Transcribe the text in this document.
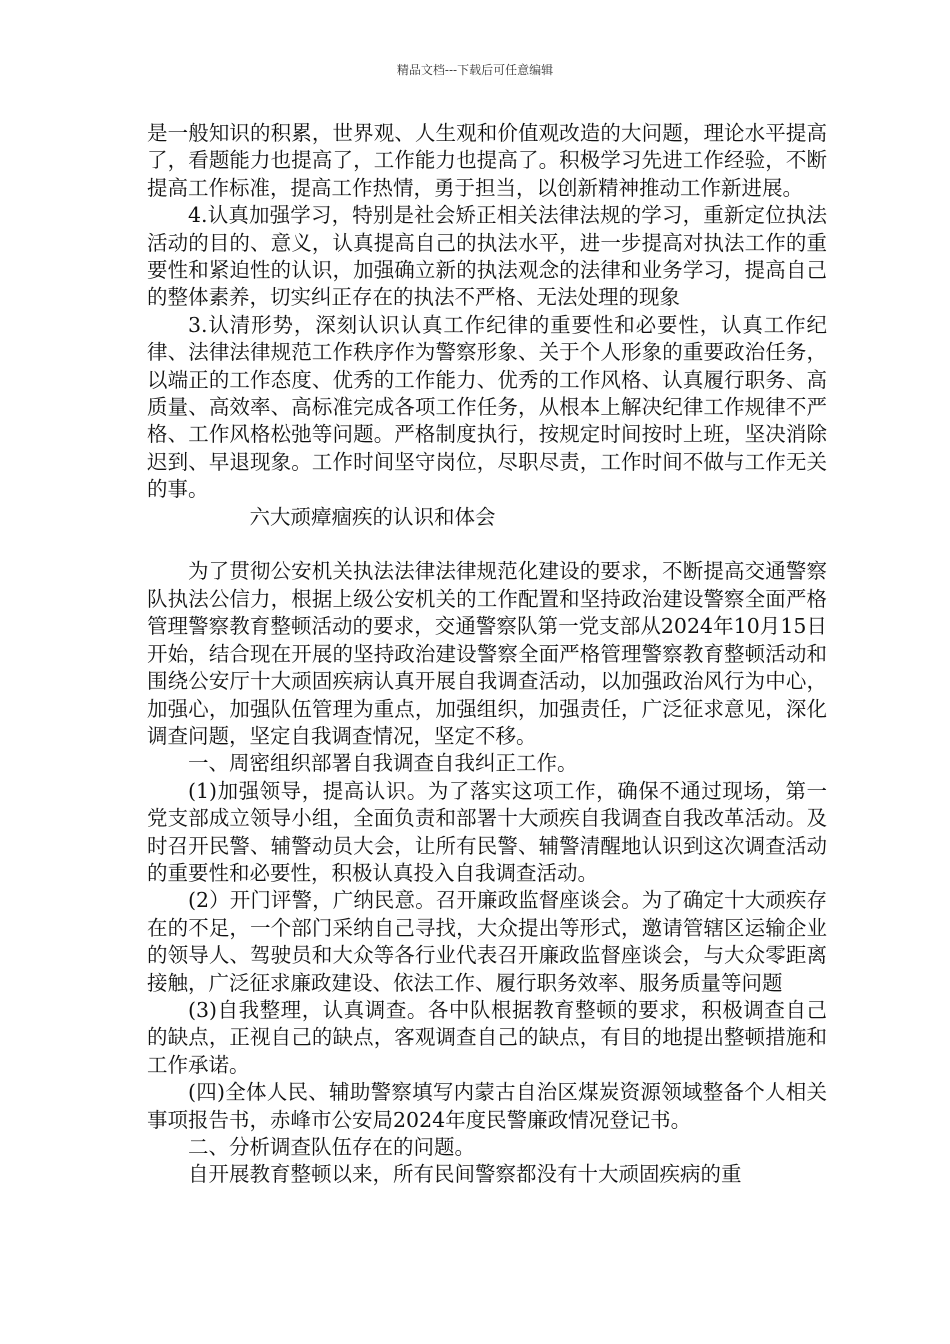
精品文档---下载后可任意编辑

是一般知识的积累，世界观、人生观和价值观改造的大问题，理论水平提高了，看题能力也提高了，工作能力也提高了。积极学习先进工作经验，不断提高工作标准，提高工作热情，勇于担当，以创新精神推动工作新进展。

4.认真加强学习，特别是社会矫正相关法律法规的学习，重新定位执法活动的目的、意义，认真提高自己的执法水平，进一步提高对执法工作的重要性和紧迫性的认识，加强确立新的执法观念的法律和业务学习，提高自己的整体素养，切实纠正存在的执法不严格、无法处理的现象

3.认清形势，深刻认识认真工作纪律的重要性和必要性，认真工作纪律、法律法律规范工作秩序作为警察形象、关于个人形象的重要政治任务，以端正的工作态度、优秀的工作能力、优秀的工作风格、认真履行职务、高质量、高效率、高标准完成各项工作任务，从根本上解决纪律工作规律不严格、工作风格松弛等问题。严格制度执行，按规定时间按时上班，坚决消除迟到、早退现象。工作时间坚守岗位，尽职尽责，工作时间不做与工作无关的事。

六大顽瘴痼疾的认识和体会

为了贯彻公安机关执法法律法律规范化建设的要求，不断提高交通警察队执法公信力，根据上级公安机关的工作配置和坚持政治建设警察全面严格管理警察教育整顿活动的要求，交通警察队第一党支部从2024年10月15日开始，结合现在开展的坚持政治建设警察全面严格管理警察教育整顿活动和围绕公安厅十大顽固疾病认真开展自我调查活动，以加强政治风行为中心，加强心，加强队伍管理为重点，加强组织，加强责任，广泛征求意见，深化调查问题，坚定自我调查情况，坚定不移。

一、周密组织部署自我调查自我纠正工作。

(1)加强领导，提高认识。为了落实这项工作，确保不通过现场，第一党支部成立领导小组，全面负责和部署十大顽疾自我调查自我改革活动。及时召开民警、辅警动员大会，让所有民警、辅警清醒地认识到这次调查活动的重要性和必要性，积极认真投入自我调查活动。

(2）开门评警，广纳民意。召开廉政监督座谈会。为了确定十大顽疾存在的不足，一个部门采纳自己寻找，大众提出等形式，邀请管辖区运输企业的领导人、驾驶员和大众等各行业代表召开廉政监督座谈会，与大众零距离接触，广泛征求廉政建设、依法工作、履行职务效率、服务质量等问题

(3)自我整理，认真调查。各中队根据教育整顿的要求，积极调查自己的缺点，正视自己的缺点，客观调查自己的缺点，有目的地提出整顿措施和工作承诺。

(四)全体人民、辅助警察填写内蒙古自治区煤炭资源领域整备个人相关事项报告书，赤峰市公安局2024年度民警廉政情况登记书。

二、分析调查队伍存在的问题。

自开展教育整顿以来，所有民间警察都没有十大顽固疾病的重
